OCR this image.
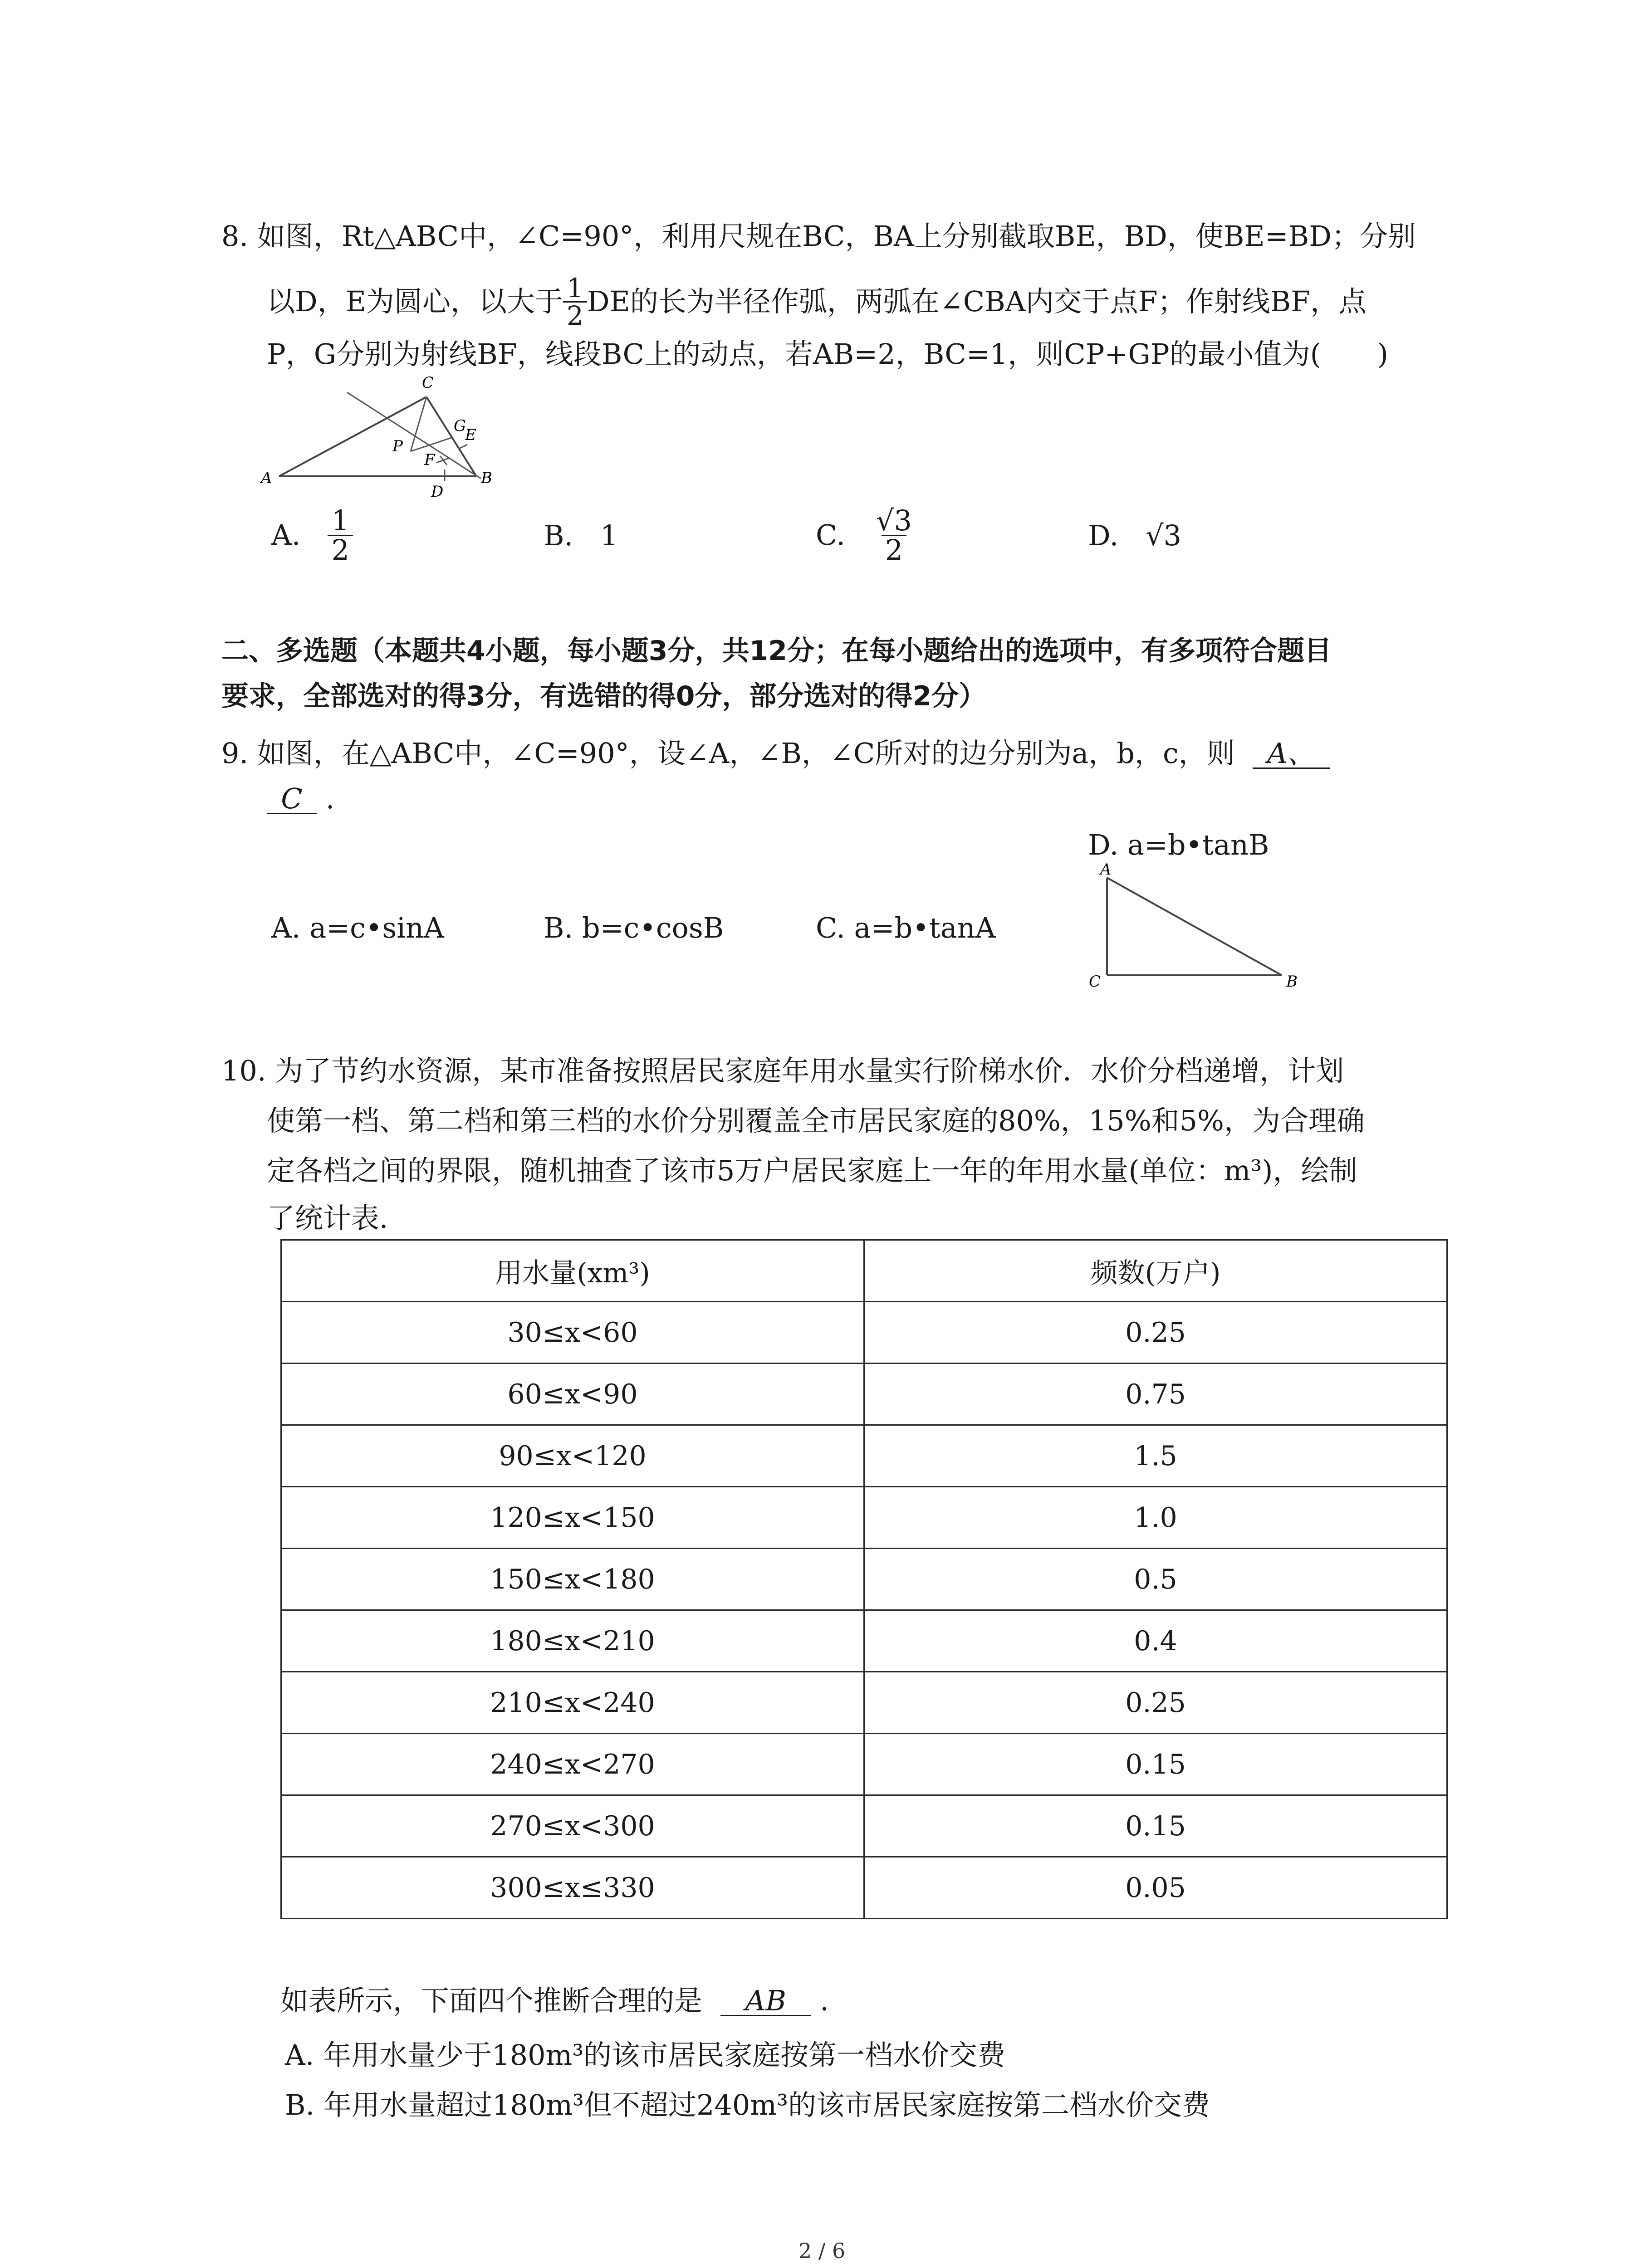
8. 如图，Rt△ABC中，∠C=90°，利用尺规在BC，BA上分别截取BE，BD，使BE=BD；分别
以D，E为圆心，以大于 $\frac{1}{2}$ DE的长为半径作弧，两弧在∠CBA内交于点F；作射线BF，点
P，G分别为射线BF，线段BC上的动点，若AB=2，BC=1，则CP+GP的最小值为(　　)
A	B
C
D
E
F
G
P
A. $\frac{1}{2}$	B. 1	C. $\frac{√3}{2}$	D. √3
二、多选题（本题共4小题，每小题3分，共12分；在每小题给出的选项中，有多项符合题目
要求，全部选对的得3分，有选错的得0分，部分选对的得2分）
9. 如图，在△ABC中，∠C=90°，设∠A，∠B，∠C所对的边分别为a，b，c，则 A、
C .
D. a=b•tanB
A. a=c•sinA	B. b=c•cosB	C. a=b•tanA
A
C	B
10. 为了节约水资源，某市准备按照居民家庭年用水量实行阶梯水价．水价分档递增，计划
使第一档、第二档和第三档的水价分别覆盖全市居民家庭的80%，15%和5%，为合理确
定各档之间的界限，随机抽查了该市5万户居民家庭上一年的年用水量(单位：m³)，绘制
了统计表．
用水量(xm³)	频数(万户)
30≤x<60	0.25
60≤x<90	0.75
90≤x<120	1.5
120≤x<150	1.0
150≤x<180	0.5
180≤x<210	0.4
210≤x<240	0.25
240≤x<270	0.15
270≤x<300	0.15
300≤x≤330	0.05
如表所示，下面四个推断合理的是 AB ．
A. 年用水量少于180m³的该市居民家庭按第一档水价交费
B. 年用水量超过180m³但不超过240m³的该市居民家庭按第二档水价交费
2 / 6
